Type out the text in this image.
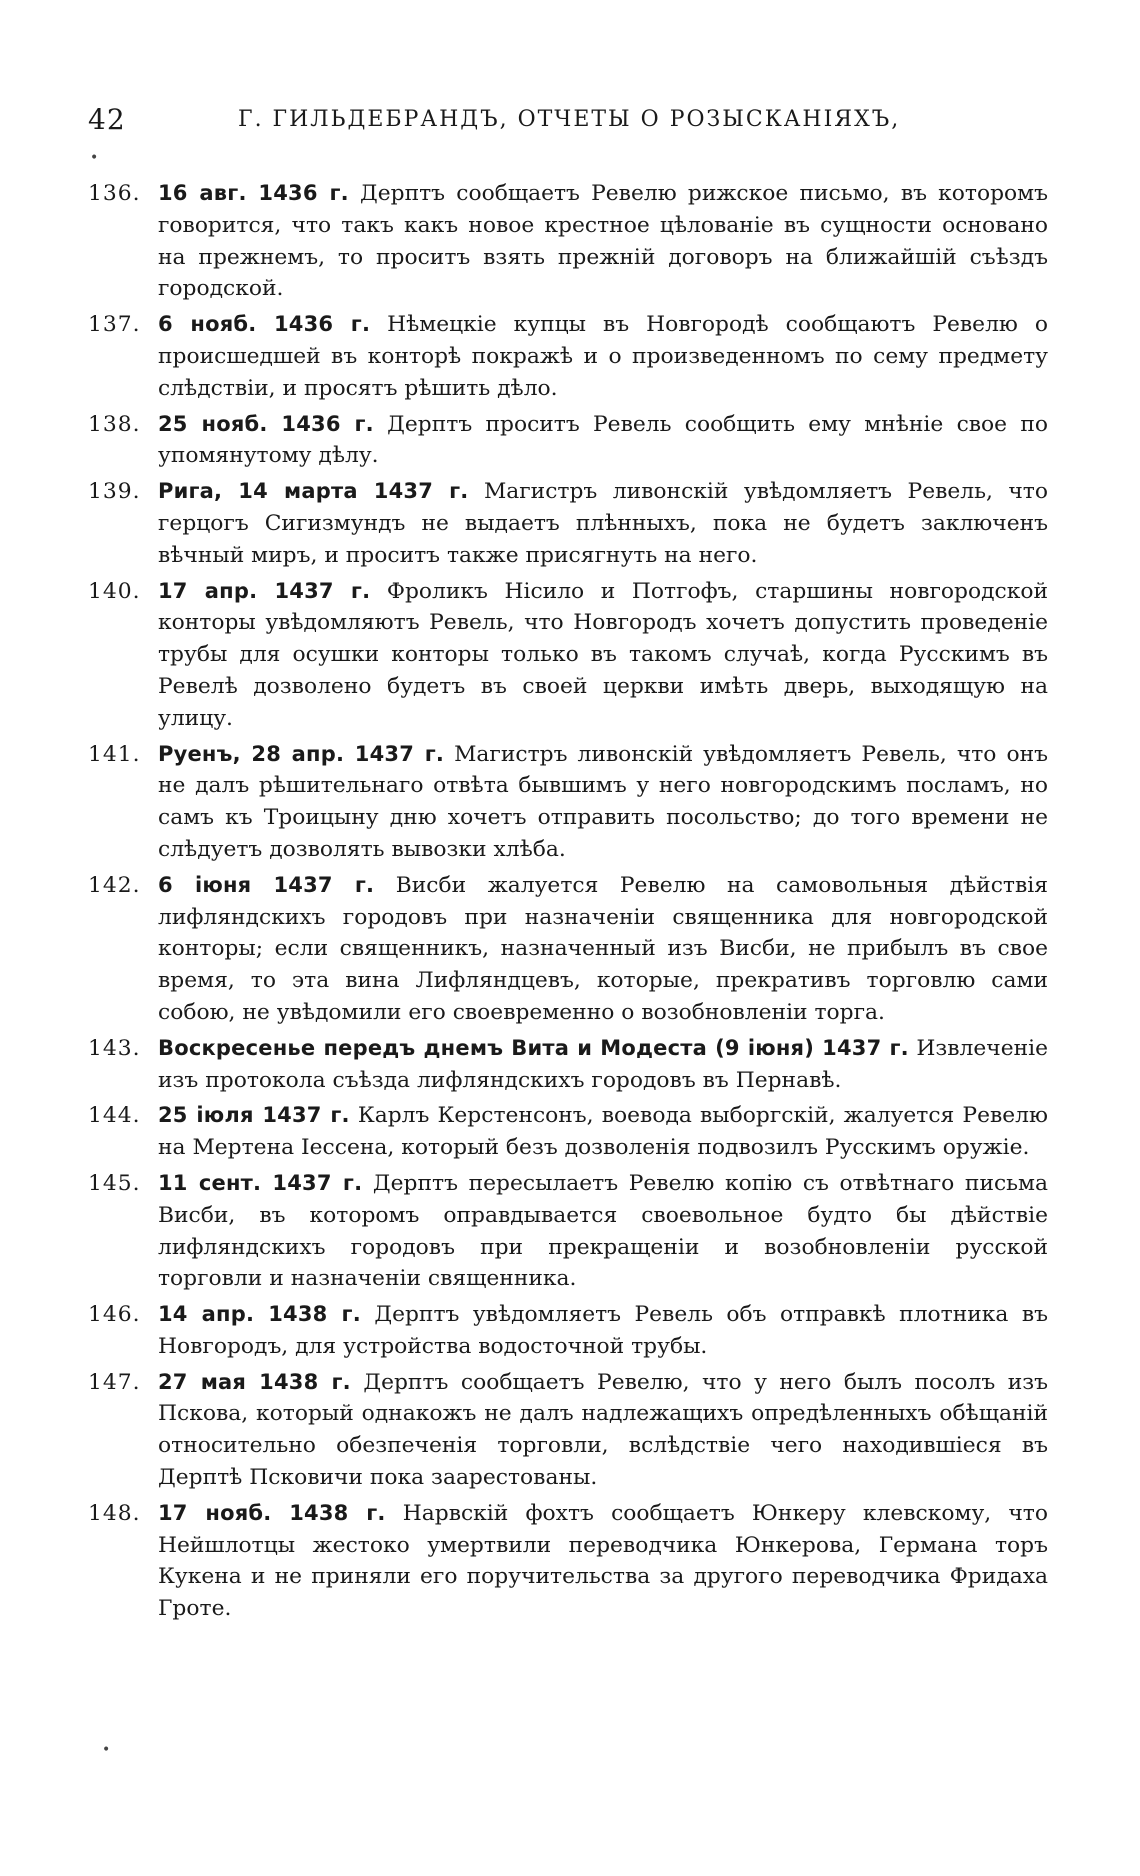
42	Г. ГИЛЬДЕБРАНДЪ, ОТЧЕТЫ О РОЗЫСКАНІЯХЪ,
•

136. 16 авг. 1436 г. Дерптъ сообщаетъ Ревелю рижское письмо, въ которомъ говорится, что такъ какъ новое крестное цѣлованіе въ сущности основано на прежнемъ, то проситъ взять прежній договоръ на ближайшій съѣздъ городской.

137. 6 нояб. 1436 г. Нѣмецкіе купцы въ Новгородѣ сообщаютъ Ревелю о происшедшей въ конторѣ покражѣ и о произведенномъ по сему предмету слѣдствіи, и просятъ рѣшить дѣло.

138. 25 нояб. 1436 г. Дерптъ проситъ Ревель сообщить ему мнѣніе свое по упомянутому дѣлу.

139. Рига, 14 марта 1437 г. Магистръ ливонскій увѣдомляетъ Ревель, что герцогъ Сигизмундъ не выдаетъ плѣнныхъ, пока не будетъ заключенъ вѣчный миръ, и проситъ также присягнуть на него.

140. 17 апр. 1437 г. Фроликъ Нісило и Потгофъ, старшины новгородской конторы увѣдомляютъ Ревель, что Новгородъ хочетъ допустить проведеніе трубы для осушки конторы только въ такомъ случаѣ, когда Русскимъ въ Ревелѣ дозволено будетъ въ своей церкви имѣть дверь, выходящую на улицу.

141. Руенъ, 28 апр. 1437 г. Магистръ ливонскій увѣдомляетъ Ревель, что онъ не далъ рѣшительнаго отвѣта бывшимъ у него новгородскимъ посламъ, но самъ къ Троицыну дню хочетъ отправить посольство; до того времени не слѣдуетъ дозволять вывозки хлѣба.

142. 6 іюня 1437 г. Висби жалуется Ревелю на самовольныя дѣйствія лифляндскихъ городовъ при назначеніи священника для новгородской конторы; если священникъ, назначенный изъ Висби, не прибылъ въ свое время, то эта вина Лифляндцевъ, которые, прекративъ торговлю сами собою, не увѣдомили его своевременно о возобновленіи торга.

143. Воскресенье передъ днемъ Вита и Модеста (9 іюня) 1437 г. Извлеченіе изъ протокола съѣзда лифляндскихъ городовъ въ Пернавѣ.

144. 25 іюля 1437 г. Карлъ Керстенсонъ, воевода выборгскій, жалуется Ревелю на Мертена Іессена, который безъ дозволенія подвозилъ Русскимъ оружіе.

145. 11 сент. 1437 г. Дерптъ пересылаетъ Ревелю копію съ отвѣтнаго письма Висби, въ которомъ оправдывается своевольное будто бы дѣйствіе лифляндскихъ городовъ при прекращеніи и возобновленіи русской торговли и назначеніи священника.

146. 14 апр. 1438 г. Дерптъ увѣдомляетъ Ревель объ отправкѣ плотника въ Новгородъ, для устройства водосточной трубы.

147. 27 мая 1438 г. Дерптъ сообщаетъ Ревелю, что у него былъ посолъ изъ Пскова, который однакожъ не далъ надлежащихъ опредѣленныхъ обѣщаній относительно обезпеченія торговли, вслѣдствіе чего находившіеся въ Дерптѣ Псковичи пока заарестованы.

148. 17 нояб. 1438 г. Нарвскій фохтъ сообщаетъ Юнкеру клевскому, что Нейшлотцы жестоко умертвили переводчика Юнкерова, Германа торъ Кукена и не приняли его поручительства за другого переводчика Фридаха Гроте.

•
